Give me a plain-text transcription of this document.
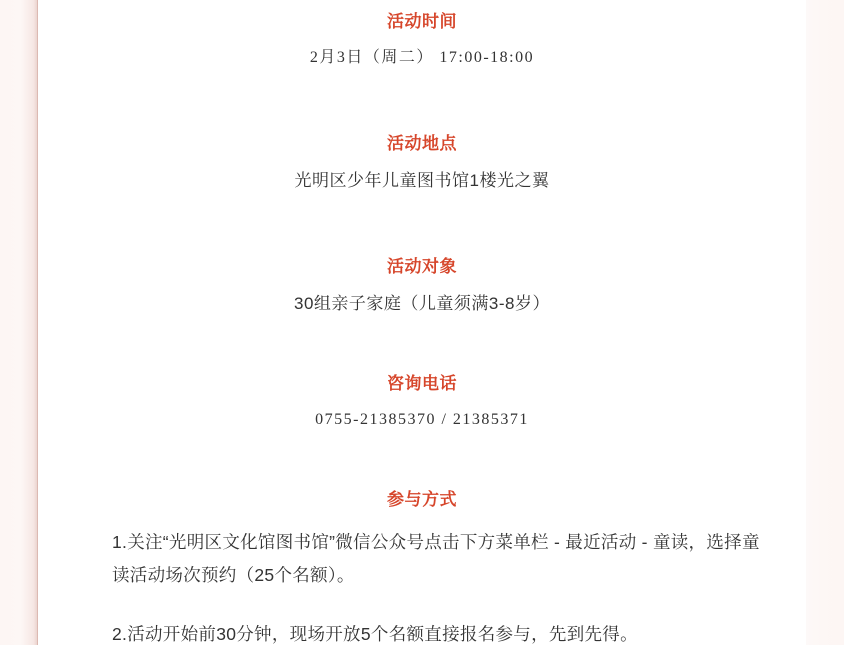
活动时间
2月3日（周二） 17:00-18:00
活动地点
光明区少年儿童图书馆1楼光之翼
活动对象
30组亲子家庭（儿童须满3-8岁）
咨询电话
0755-21385370 / 21385371
参与方式
1.关注“光明区文化馆图书馆”微信公众号点击下方菜单栏 - 最近活动 - 童读，选择童读活动场次预约（25个名额）。
2.活动开始前30分钟，现场开放5个名额直接报名参与，先到先得。
